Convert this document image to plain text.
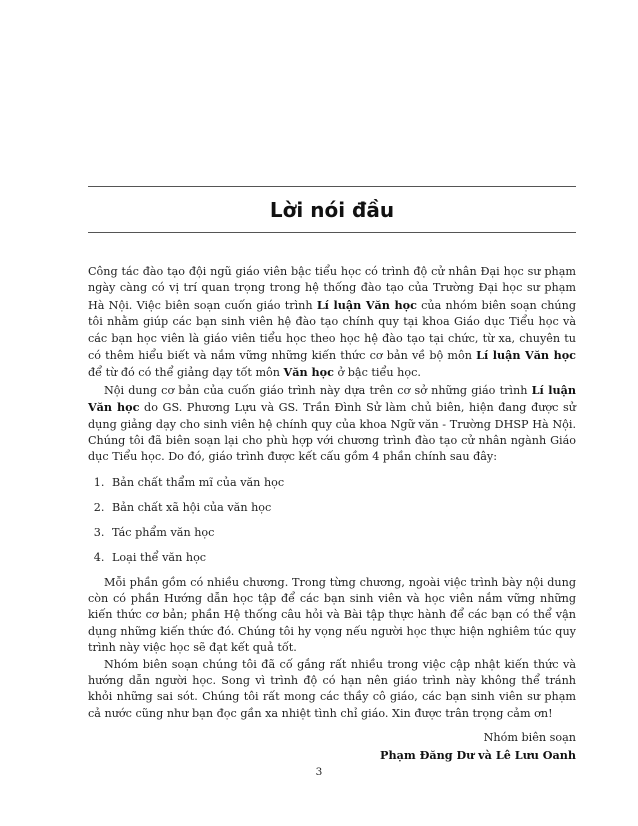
Lời nói đầu

Công tác đào tạo đội ngũ giáo viên bậc tiểu học có trình độ cử nhân Đại học sư phạm ngày càng có vị trí quan trọng trong hệ thống đào tạo của Trường Đại học sư phạm Hà Nội. Việc biên soạn cuốn giáo trình Lí luận Văn học của nhóm biên soạn chúng tôi nhằm giúp các bạn sinh viên hệ đào tạo chính quy tại khoa Giáo dục Tiểu học và các bạn học viên là giáo viên tiểu học theo học hệ đào tạo tại chức, từ xa, chuyên tu có thêm hiểu biết và nắm vững những kiến thức cơ bản về bộ môn Lí luận Văn học để từ đó có thể giảng dạy tốt môn Văn học ở bậc tiểu học.

Nội dung cơ bản của cuốn giáo trình này dựa trên cơ sở những giáo trình Lí luận Văn học do GS. Phương Lựu và GS. Trần Đình Sử làm chủ biên, hiện đang được sử dụng giảng dạy cho sinh viên hệ chính quy của khoa Ngữ văn - Trường DHSP Hà Nội. Chúng tôi đã biên soạn lại cho phù hợp với chương trình đào tạo cử nhân ngành Giáo dục Tiểu học. Do đó, giáo trình được kết cấu gồm 4 phần chính sau đây:

1. Bản chất thẩm mĩ của văn học
2. Bản chất xã hội của văn học
3. Tác phẩm văn học
4. Loại thể văn học

Mỗi phần gồm có nhiều chương. Trong từng chương, ngoài việc trình bày nội dung còn có phần Hướng dẫn học tập để các bạn sinh viên và học viên nắm vững những kiến thức cơ bản; phần Hệ thống câu hỏi và Bài tập thực hành để các bạn có thể vận dụng những kiến thức đó. Chúng tôi hy vọng nếu người học thực hiện nghiêm túc quy trình này việc học sẽ đạt kết quả tốt.

Nhóm biên soạn chúng tôi đã cố gắng rất nhiều trong việc cập nhật kiến thức và hướng dẫn người học. Song vì trình độ có hạn nên giáo trình này không thể tránh khỏi những sai sót. Chúng tôi rất mong các thầy cô giáo, các bạn sinh viên sư phạm cả nước cũng như bạn đọc gần xa nhiệt tình chỉ giáo. Xin được trân trọng cảm ơn!

Nhóm biên soạn
Phạm Đăng Dư và Lê Lưu Oanh
3
